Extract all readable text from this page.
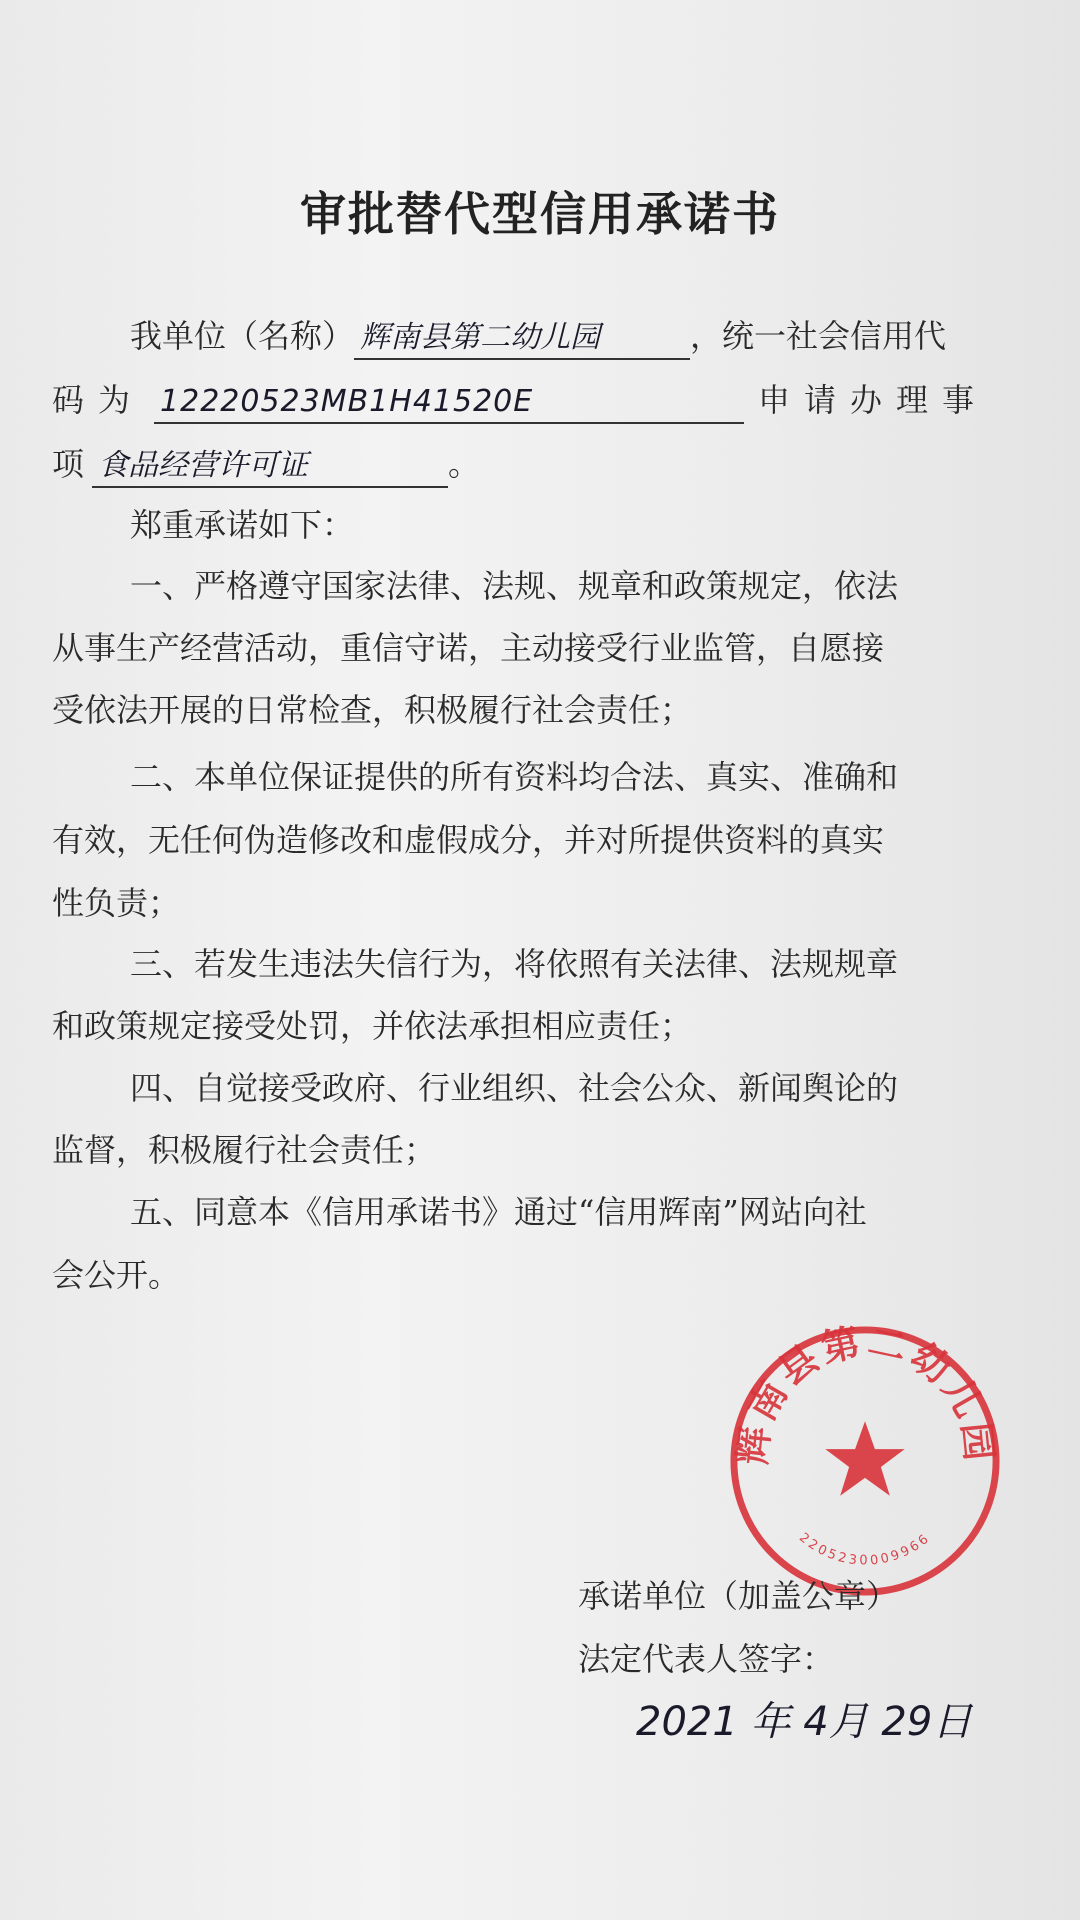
审批替代型信用承诺书
我单位（名称） 辉南县第二幼儿园	，统一社会信用代
码为 12220523MB1H41520E	申请办理事
项 食品经营许可证	。
郑重承诺如下：
一、严格遵守国家法律、法规、规章和政策规定，依法
从事生产经营活动，重信守诺，主动接受行业监管，自愿接
受依法开展的日常检查，积极履行社会责任；
二、本单位保证提供的所有资料均合法、真实、准确和
有效，无任何伪造修改和虚假成分，并对所提供资料的真实
性负责；
三、若发生违法失信行为，将依照有关法律、法规规章
和政策规定接受处罚，并依法承担相应责任；
四、自觉接受政府、行业组织、社会公众、新闻舆论的
监督，积极履行社会责任；
五、同意本《信用承诺书》通过“信用辉南”网站向社
会公开。
辉南县第二幼儿园
2205230009966
承诺单位（加盖公章）
法定代表人签字：
2021 年 4月 29日
